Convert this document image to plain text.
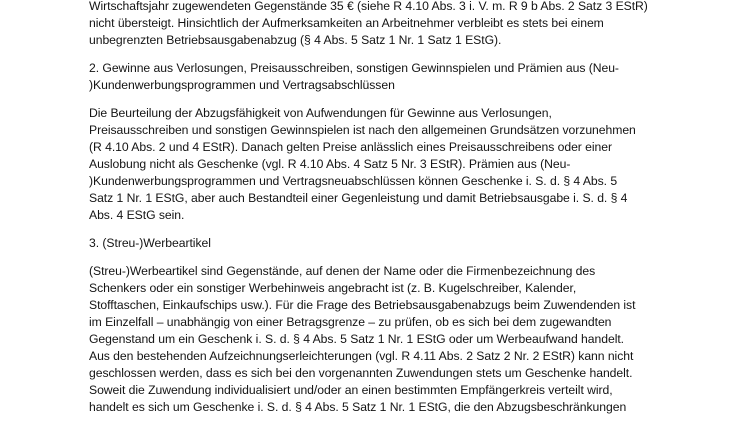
Wirtschaftsjahr zugewendeten Gegenstände 35 € (siehe R 4.10 Abs. 3 i. V. m. R 9 b Abs. 2 Satz 3 EStR)
nicht übersteigt. Hinsichtlich der Aufmerksamkeiten an Arbeitnehmer verbleibt es stets bei einem
unbegrenzten Betriebsausgabenabzug (§ 4 Abs. 5 Satz 1 Nr. 1 Satz 1 EStG).
2. Gewinne aus Verlosungen, Preisausschreiben, sonstigen Gewinnspielen und Prämien aus (Neu-
)Kundenwerbungsprogrammen und Vertragsabschlüssen
Die Beurteilung der Abzugsfähigkeit von Aufwendungen für Gewinne aus Verlosungen,
Preisausschreiben und sonstigen Gewinnspielen ist nach den allgemeinen Grundsätzen vorzunehmen
(R 4.10 Abs. 2 und 4 EStR). Danach gelten Preise anlässlich eines Preisausschreibens oder einer
Auslobung nicht als Geschenke (vgl. R 4.10 Abs. 4 Satz 5 Nr. 3 EStR). Prämien aus (Neu-
)Kundenwerbungsprogrammen und Vertragsneuabschlüssen können Geschenke i. S. d. § 4 Abs. 5
Satz 1 Nr. 1 EStG, aber auch Bestandteil einer Gegenleistung und damit Betriebsausgabe i. S. d. § 4
Abs. 4 EStG sein.
3. (Streu-)Werbeartikel
(Streu-)Werbeartikel sind Gegenstände, auf denen der Name oder die Firmenbezeichnung des
Schenkers oder ein sonstiger Werbehinweis angebracht ist (z. B. Kugelschreiber, Kalender,
Stofftaschen, Einkaufschips usw.). Für die Frage des Betriebsausgabenabzugs beim Zuwendenden ist
im Einzelfall – unabhängig von einer Betragsgrenze – zu prüfen, ob es sich bei dem zugewandten
Gegenstand um ein Geschenk i. S. d. § 4 Abs. 5 Satz 1 Nr. 1 EStG oder um Werbeaufwand handelt.
Aus den bestehenden Aufzeichnungserleichterungen (vgl. R 4.11 Abs. 2 Satz 2 Nr. 2 EStR) kann nicht
geschlossen werden, dass es sich bei den vorgenannten Zuwendungen stets um Geschenke handelt.
Soweit die Zuwendung individualisiert und/oder an einen bestimmten Empfängerkreis verteilt wird,
handelt es sich um Geschenke i. S. d. § 4 Abs. 5 Satz 1 Nr. 1 EStG, die den Abzugsbeschränkungen
